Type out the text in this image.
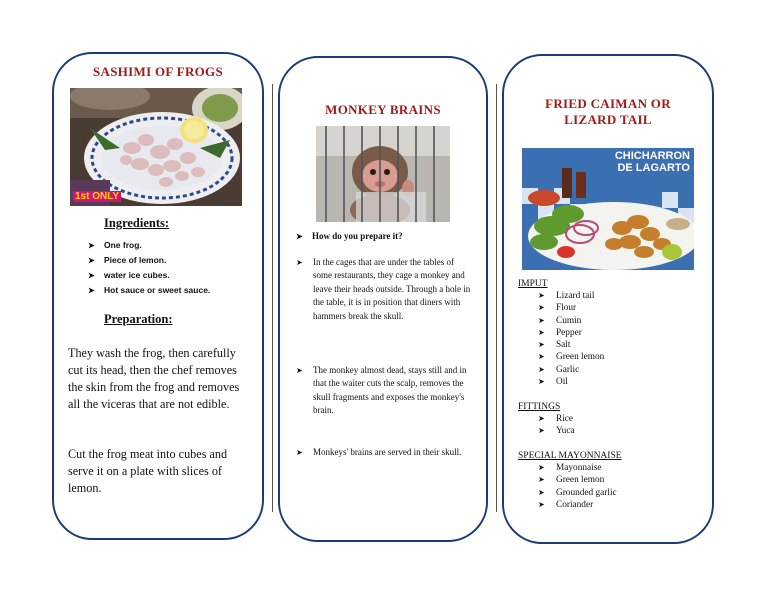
SASHIMI OF FROGS
1st ONLY
Ingredients:
➤ One frog.
➤ Piece of lemon.
➤ water ice cubes.
➤ Hot sauce or sweet sauce.
Preparation:
They wash the frog, then carefully cut its head, then the chef removes the skin from the frog and removes all the viceras that are not edible.
Cut the frog meat into cubes and serve it on a plate with slices of lemon.
MONKEY BRAINS
➤ How do you prepare it?
➤	In the cages that are under the tables of some restaurants, they cage a monkey and leave their heads outside. Through a hole in the table, it is in position that diners with hammers break the skull.
➤	The monkey almost dead, stays still and in that the waiter cuts the scalp, removes the skull fragments and exposes the monkey's brain.
➤	Monkeys' brains are served in their skull.
FRIED CAIMAN OR
LIZARD TAIL
CHICHARRON
DE LAGARTO
IMPUT
➤ Lizard tail
➤ Flour
➤ Cumin
➤ Pepper
➤ Salt
➤ Green lemon
➤ Garlic
➤ Oil
FITTINGS
➤ Rice
➤ Yuca
SPECIAL MAYONNAISE
➤ Mayonnaise
➤ Green lemon
➤ Grounded garlic
➤ Coriander
